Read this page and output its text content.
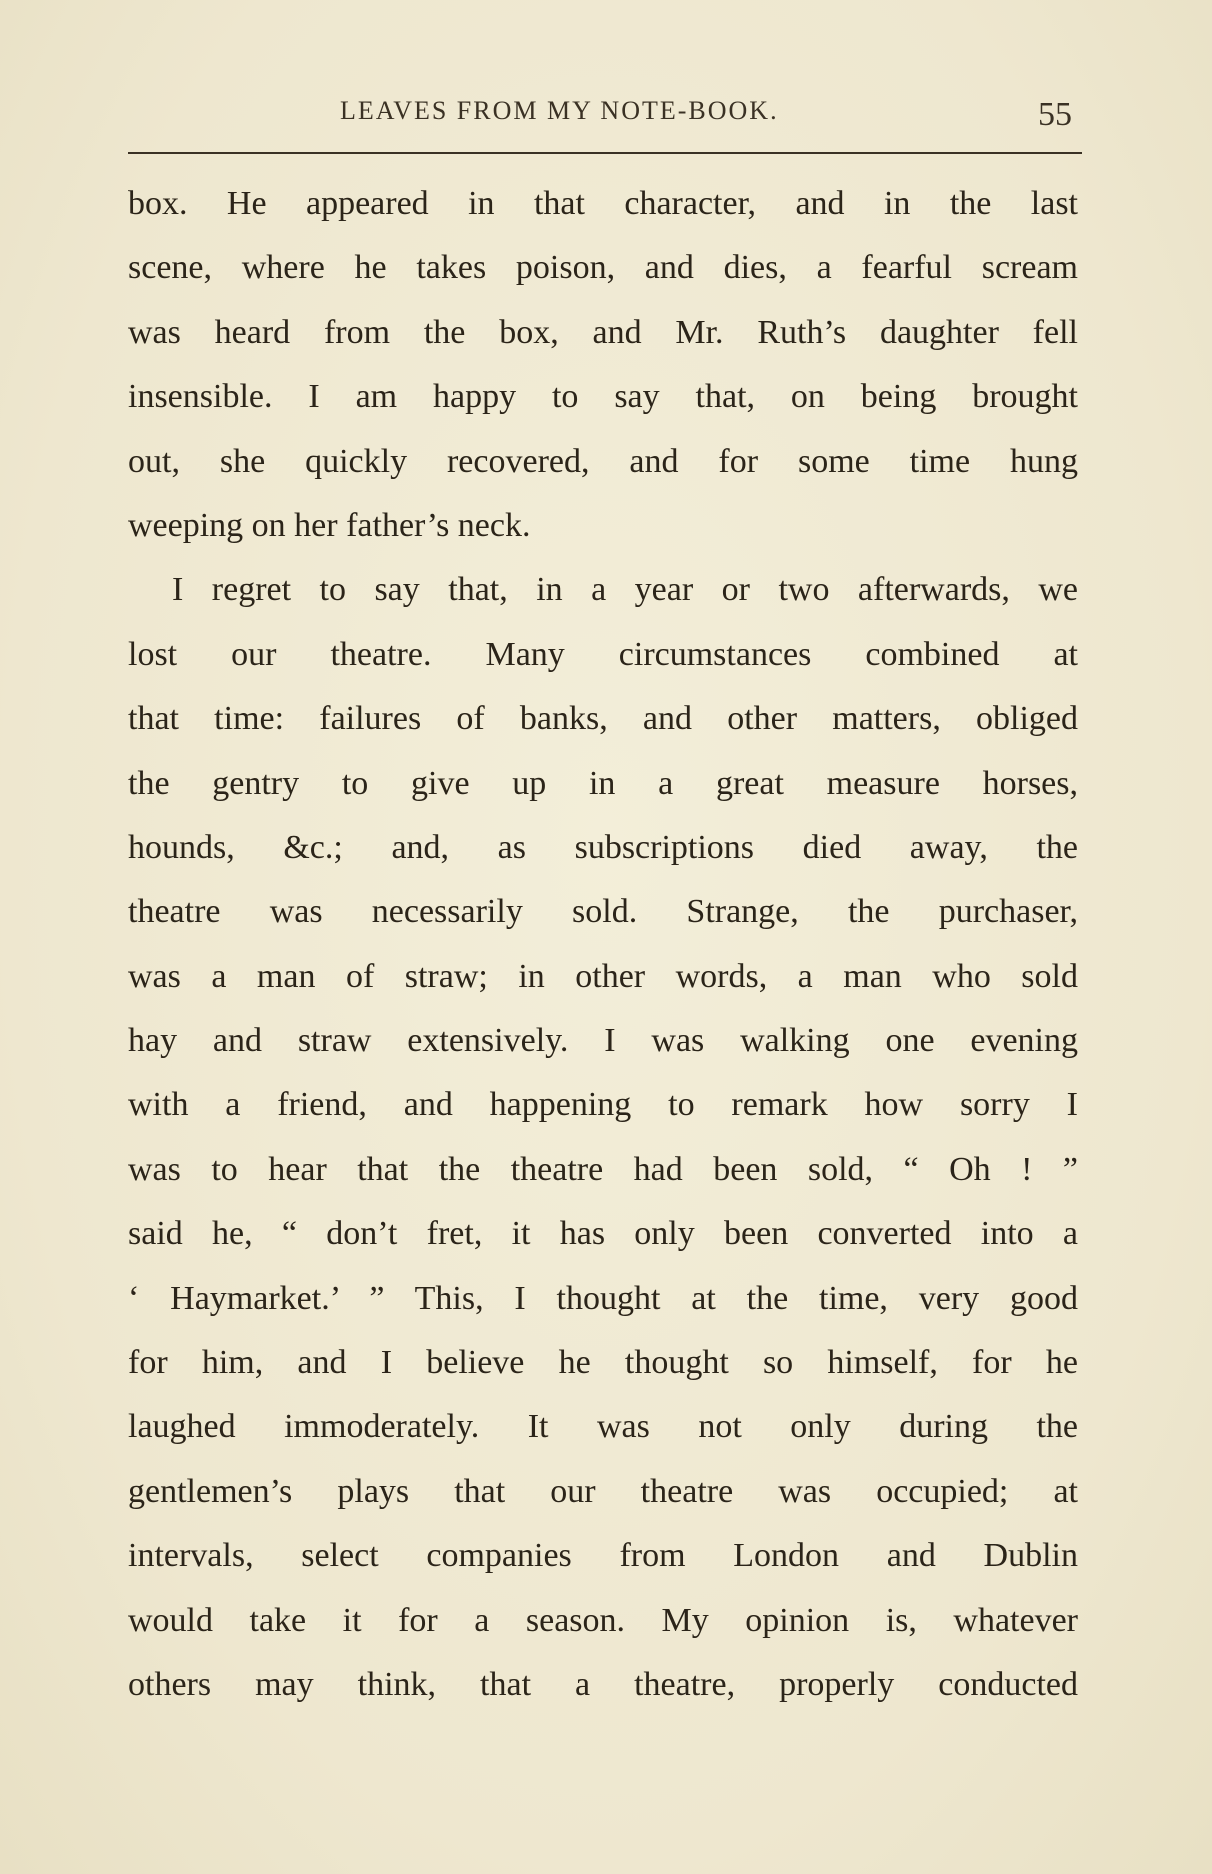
LEAVES FROM MY NOTE-BOOK.	55
box. He appeared in that character, and in the last
scene, where he takes poison, and dies, a fearful scream
was heard from the box, and Mr. Ruth’s daughter fell
insensible. I am happy to say that, on being brought
out, she quickly recovered, and for some time hung
weeping on her father’s neck.
I regret to say that, in a year or two afterwards, we
lost our theatre. Many circumstances combined at
that time: failures of banks, and other matters, obliged
the gentry to give up in a great measure horses,
hounds, &c.; and, as subscriptions died away, the
theatre was necessarily sold. Strange, the purchaser,
was a man of straw; in other words, a man who sold
hay and straw extensively. I was walking one evening
with a friend, and happening to remark how sorry I
was to hear that the theatre had been sold, “ Oh ! ”
said he, “ don’t fret, it has only been converted into a
‘ Haymarket.’ ” This, I thought at the time, very good
for him, and I believe he thought so himself, for he
laughed immoderately. It was not only during the
gentlemen’s plays that our theatre was occupied; at
intervals, select companies from London and Dublin
would take it for a season. My opinion is, whatever
others may think, that a theatre, properly conducted
